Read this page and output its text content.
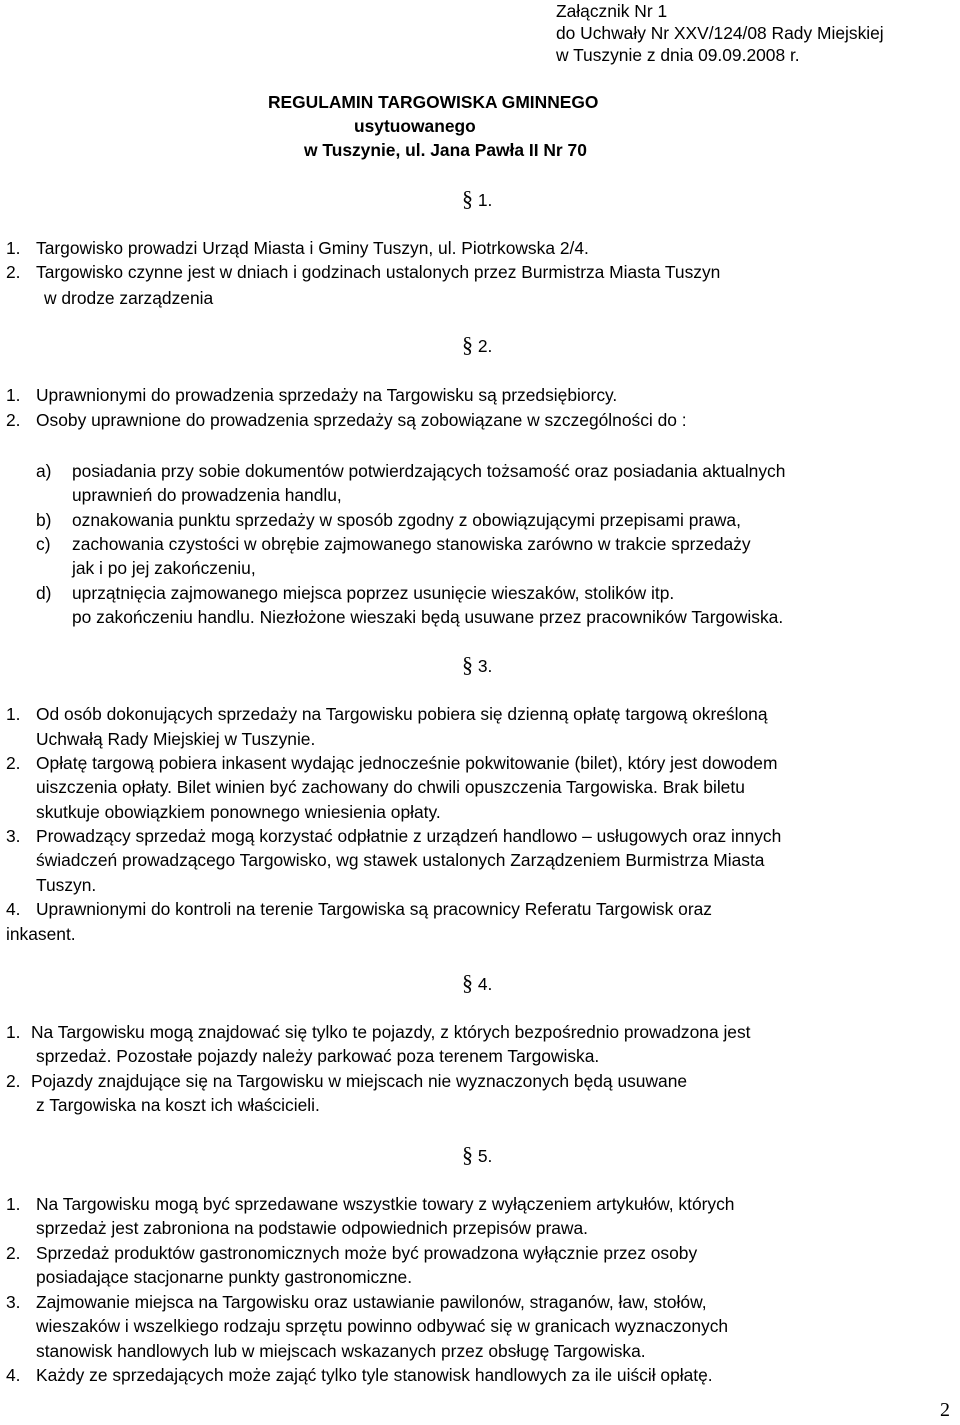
Załącznik Nr 1
do Uchwały Nr XXV/124/08 Rady Miejskiej
w Tuszynie z dnia 09.09.2008 r.
REGULAMIN TARGOWISKA GMINNEGO
usytuowanego
w Tuszynie, ul. Jana Pawła II Nr 70
§ 1.
§ 2.
§ 3.
§ 4.
§ 5.
1. Targowisko prowadzi Urząd Miasta i Gminy Tuszyn, ul. Piotrkowska 2/4.
2. Targowisko czynne jest w dniach i godzinach ustalonych przez Burmistrza Miasta Tuszyn
w drodze zarządzenia
1. Uprawnionymi do prowadzenia sprzedaży na Targowisku są przedsiębiorcy.
2. Osoby uprawnione do prowadzenia sprzedaży są zobowiązane w szczególności do :
a) posiadania przy sobie dokumentów potwierdzających tożsamość oraz posiadania aktualnych
uprawnień do prowadzenia handlu,
b) oznakowania punktu sprzedaży w sposób zgodny z obowiązującymi przepisami prawa,
c) zachowania czystości w obrębie zajmowanego stanowiska zarówno w trakcie sprzedaży
jak i po jej zakończeniu,
d) uprzątnięcia zajmowanego miejsca poprzez usunięcie wieszaków, stolików itp.
po zakończeniu handlu. Niezłożone wieszaki będą usuwane przez pracowników Targowiska.
1. Od osób dokonujących sprzedaży na Targowisku pobiera się dzienną opłatę targową określoną
Uchwałą Rady Miejskiej w Tuszynie.
2. Opłatę targową pobiera inkasent wydając jednocześnie pokwitowanie (bilet), który jest dowodem
uiszczenia opłaty. Bilet winien być zachowany do chwili opuszczenia Targowiska. Brak biletu
skutkuje obowiązkiem ponownego wniesienia opłaty.
3. Prowadzący sprzedaż mogą korzystać odpłatnie z urządzeń handlowo – usługowych oraz innych
świadczeń prowadzącego Targowisko, wg stawek ustalonych Zarządzeniem Burmistrza Miasta
Tuszyn.
4. Uprawnionymi do kontroli na terenie Targowiska są pracownicy Referatu Targowisk oraz
inkasent.
1. Na Targowisku mogą znajdować się tylko te pojazdy, z których bezpośrednio prowadzona jest
sprzedaż. Pozostałe pojazdy należy parkować poza terenem Targowiska.
2. Pojazdy znajdujące się na Targowisku w miejscach nie wyznaczonych będą usuwane
z Targowiska na koszt ich właścicieli.
1. Na Targowisku mogą być sprzedawane wszystkie towary z wyłączeniem artykułów, których
sprzedaż jest zabroniona na podstawie odpowiednich przepisów prawa.
2. Sprzedaż produktów gastronomicznych może być prowadzona wyłącznie przez osoby
posiadające stacjonarne punkty gastronomiczne.
3. Zajmowanie miejsca na Targowisku oraz ustawianie pawilonów, straganów, ław, stołów,
wieszaków i wszelkiego rodzaju sprzętu powinno odbywać się w granicach wyznaczonych
stanowisk handlowych lub w miejscach wskazanych przez obsługę Targowiska.
4. Każdy ze sprzedających może zająć tylko tyle stanowisk handlowych za ile uiścił opłatę.
2
